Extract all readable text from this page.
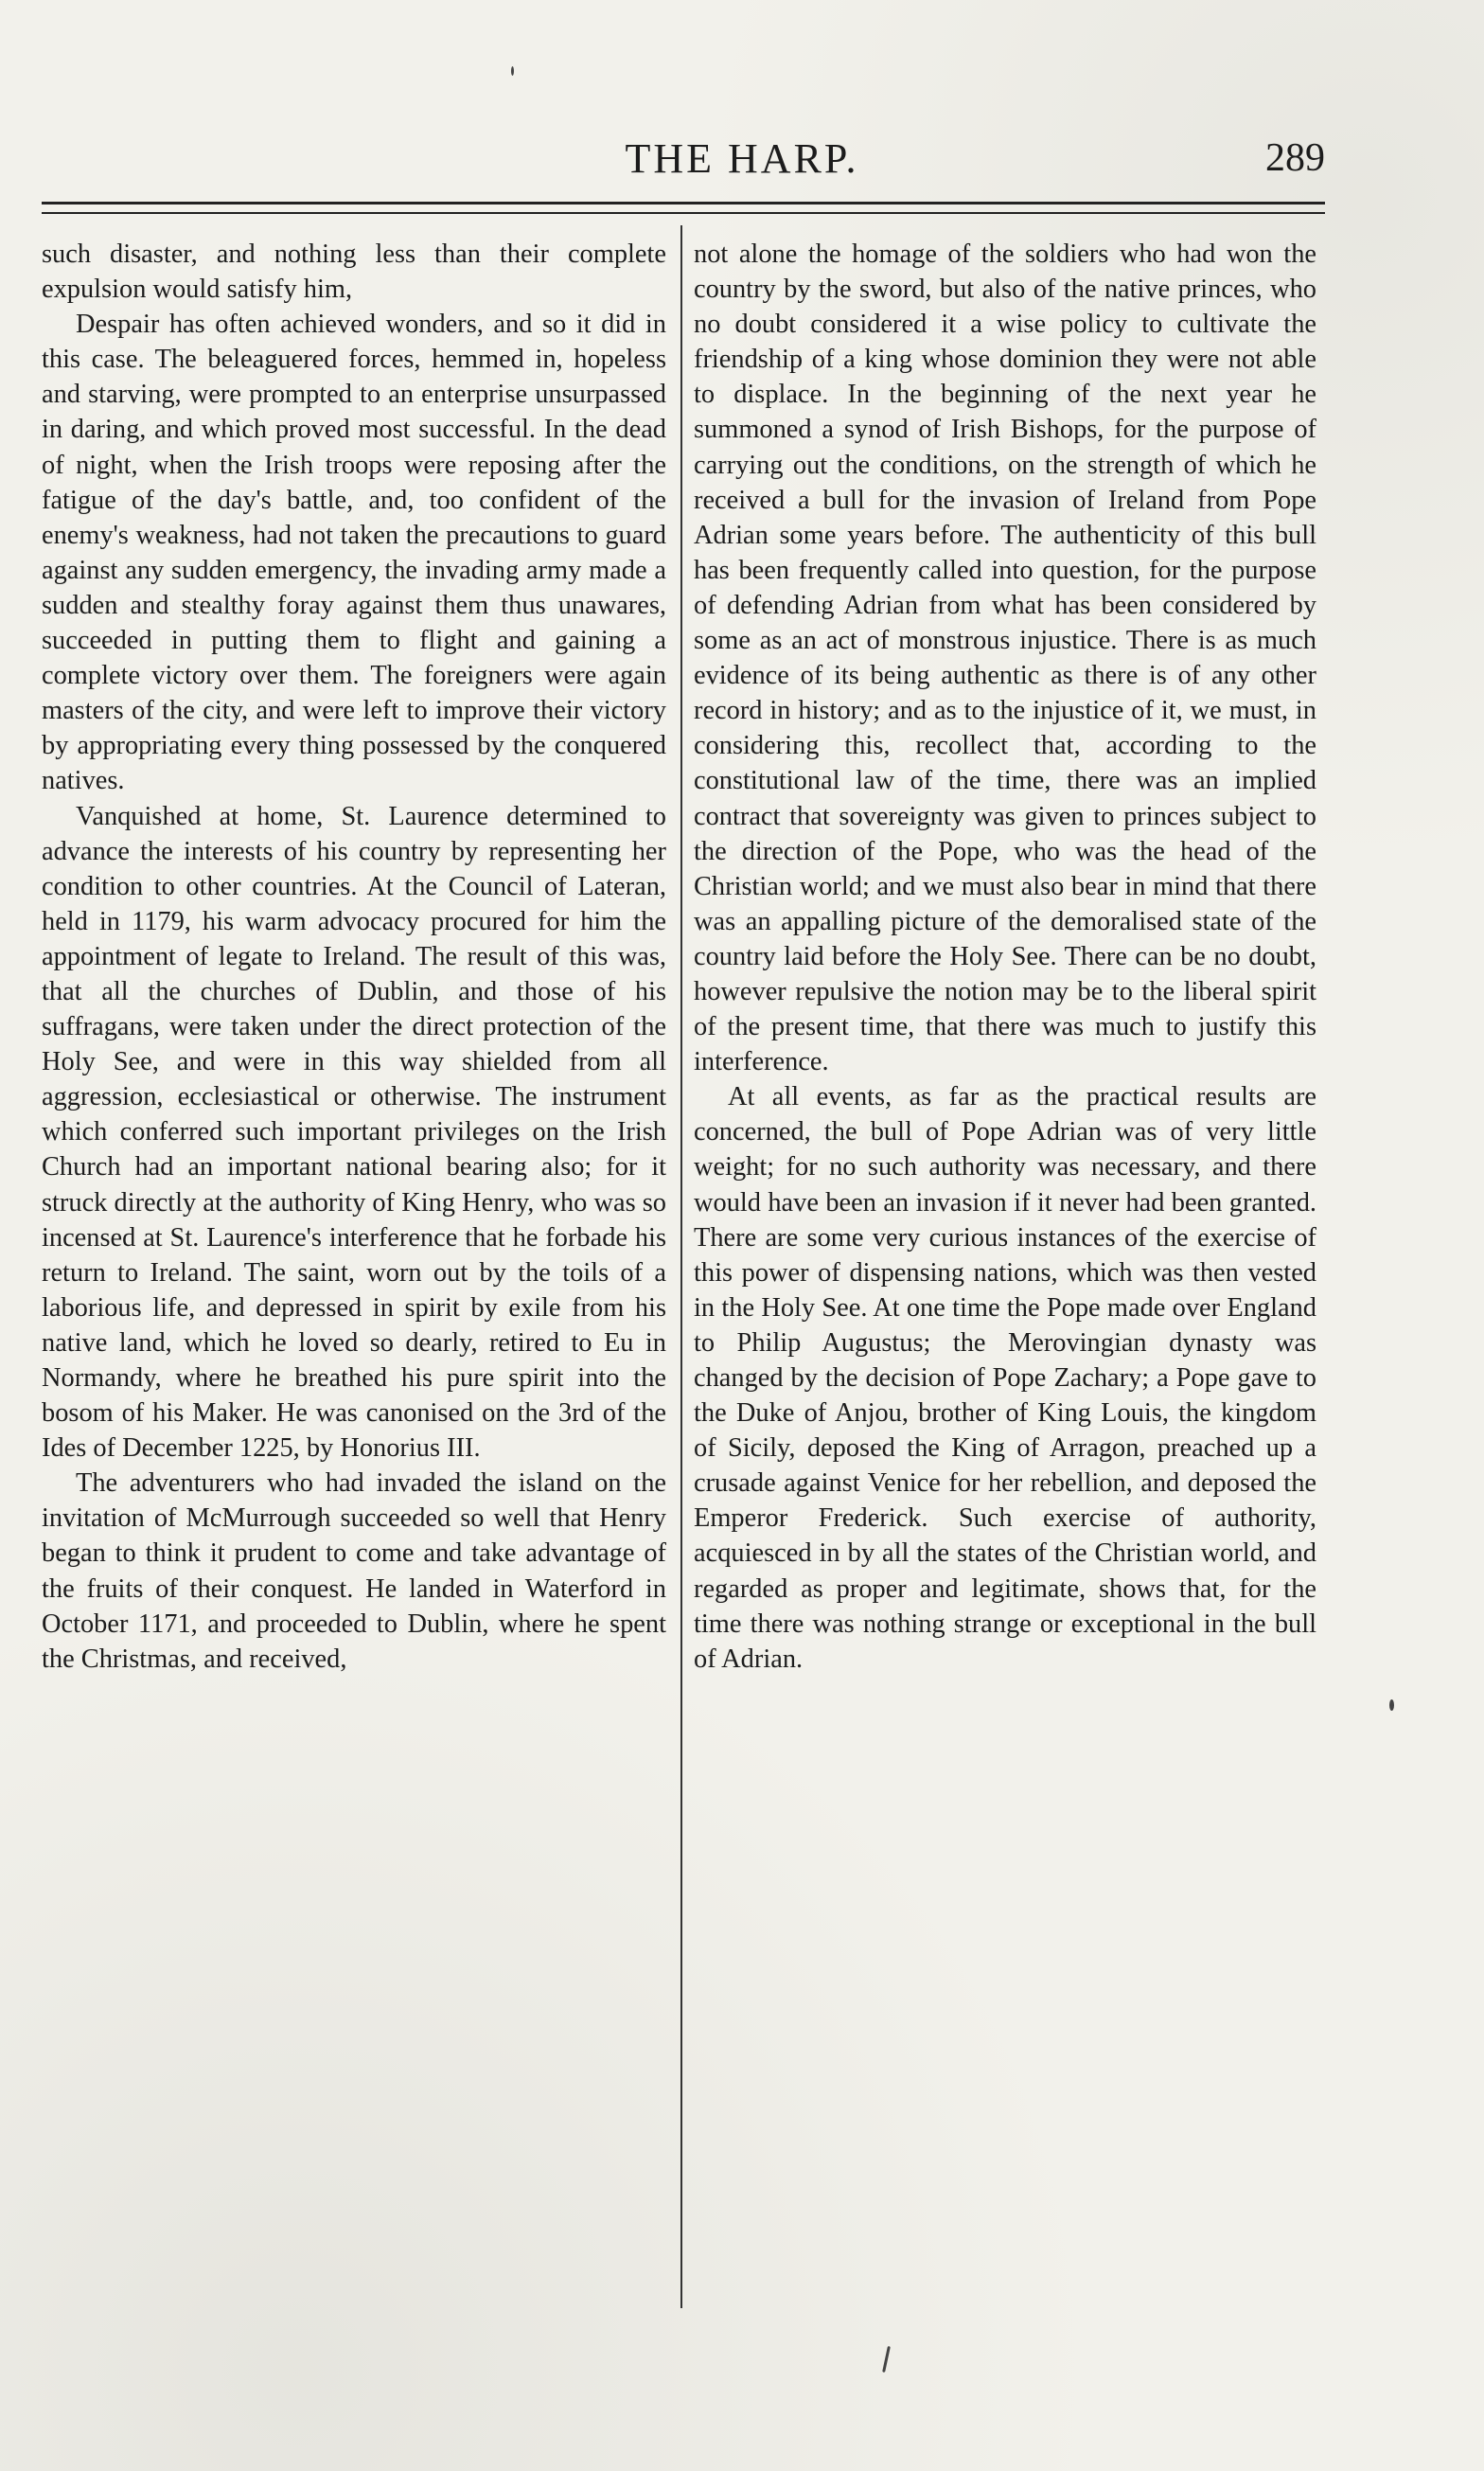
THE HARP.	289

such disaster, and nothing less than their complete expulsion would satisfy him,

Despair has often achieved wonders, and so it did in this case. The beleaguered forces, hemmed in, hopeless and starving, were prompted to an enterprise unsurpassed in daring, and which proved most successful. In the dead of night, when the Irish troops were reposing after the fatigue of the day's battle, and, too confident of the enemy's weakness, had not taken the precautions to guard against any sudden emergency, the invading army made a sudden and stealthy foray against them thus unawares, succeeded in putting them to flight and gaining a complete victory over them. The foreigners were again masters of the city, and were left to improve their victory by appropriating every thing possessed by the conquered natives.

Vanquished at home, St. Laurence determined to advance the interests of his country by representing her condition to other countries. At the Council of Lateran, held in 1179, his warm advocacy procured for him the appointment of legate to Ireland. The result of this was, that all the churches of Dublin, and those of his suffragans, were taken under the direct protection of the Holy See, and were in this way shielded from all aggression, ecclesiastical or otherwise. The instrument which conferred such important privileges on the Irish Church had an important national bearing also; for it struck directly at the authority of King Henry, who was so incensed at St. Laurence's interference that he forbade his return to Ireland. The saint, worn out by the toils of a laborious life, and depressed in spirit by exile from his native land, which he loved so dearly, retired to Eu in Normandy, where he breathed his pure spirit into the bosom of his Maker. He was canonised on the 3rd of the Ides of December 1225, by Honorius III.

The adventurers who had invaded the island on the invitation of McMurrough succeeded so well that Henry began to think it prudent to come and take advantage of the fruits of their conquest. He landed in Waterford in October 1171, and proceeded to Dublin, where he spent the Christmas, and received,

not alone the homage of the soldiers who had won the country by the sword, but also of the native princes, who no doubt considered it a wise policy to cultivate the friendship of a king whose dominion they were not able to displace. In the beginning of the next year he summoned a synod of Irish Bishops, for the purpose of carrying out the conditions, on the strength of which he received a bull for the invasion of Ireland from Pope Adrian some years before. The authenticity of this bull has been frequently called into question, for the purpose of defending Adrian from what has been considered by some as an act of monstrous injustice. There is as much evidence of its being authentic as there is of any other record in history; and as to the injustice of it, we must, in considering this, recollect that, according to the constitutional law of the time, there was an implied contract that sovereignty was given to princes subject to the direction of the Pope, who was the head of the Christian world; and we must also bear in mind that there was an appalling picture of the demoralised state of the country laid before the Holy See. There can be no doubt, however repulsive the notion may be to the liberal spirit of the present time, that there was much to justify this interference.

At all events, as far as the practical results are concerned, the bull of Pope Adrian was of very little weight; for no such authority was necessary, and there would have been an invasion if it never had been granted. There are some very curious instances of the exercise of this power of dispensing nations, which was then vested in the Holy See. At one time the Pope made over England to Philip Augustus; the Merovingian dynasty was changed by the decision of Pope Zachary; a Pope gave to the Duke of Anjou, brother of King Louis, the kingdom of Sicily, deposed the King of Arragon, preached up a crusade against Venice for her rebellion, and deposed the Emperor Frederick. Such exercise of authority, acquiesced in by all the states of the Christian world, and regarded as proper and legitimate, shows that, for the time there was nothing strange or exceptional in the bull of Adrian.
